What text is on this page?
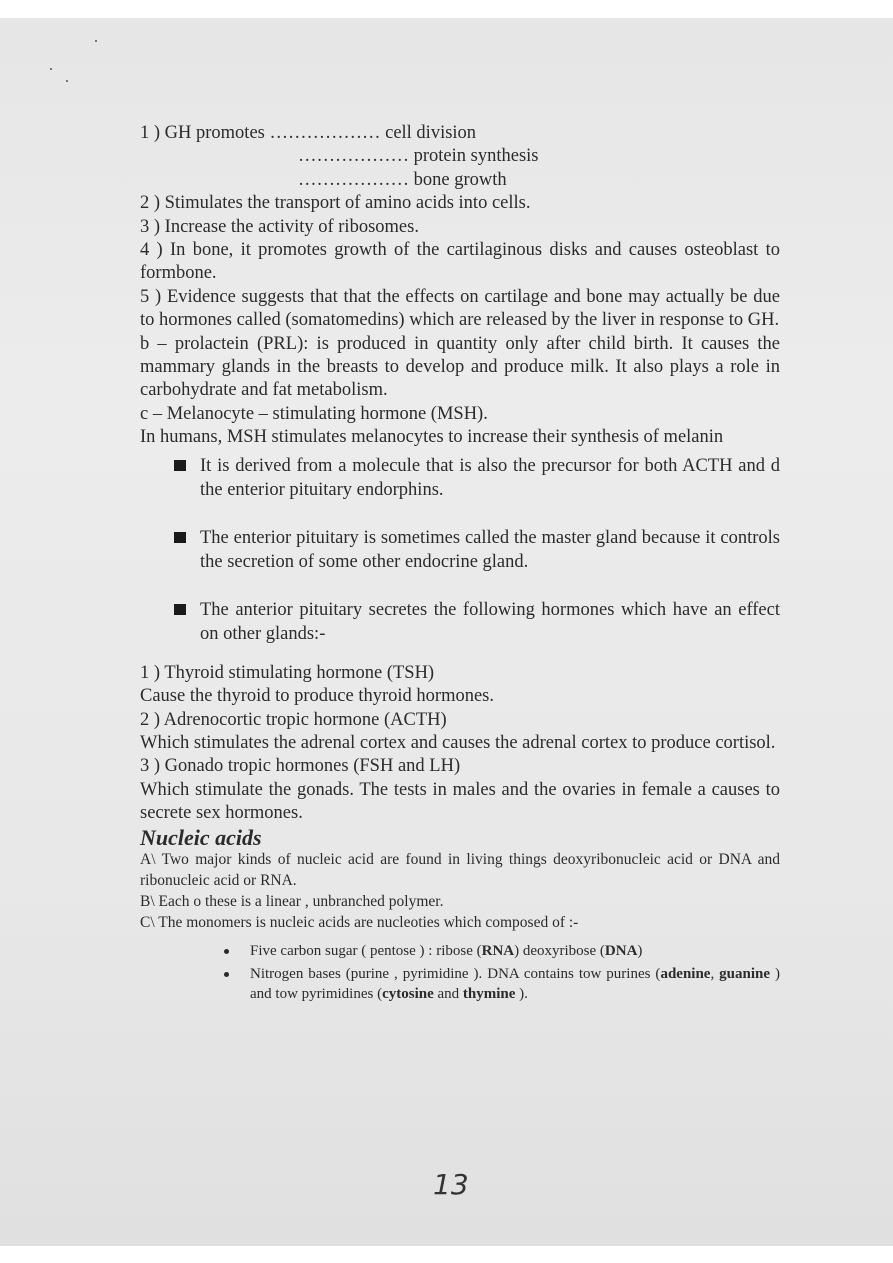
1 ) GH promotes ……………… cell division

……………… protein synthesis

……………… bone growth

2 ) Stimulates the transport of amino acids into cells.

3 ) Increase the activity of ribosomes.

4 ) In bone, it promotes growth of the cartilaginous disks and causes osteoblast to formbone.

5 ) Evidence suggests that that the effects on cartilage and bone may actually be due to hormones called (somatomedins) which are released by the liver in response to GH.

b – prolactein (PRL): is produced in quantity only after child birth. It causes the mammary glands in the breasts to develop and produce milk. It also plays a role in carbohydrate and fat metabolism.

c – Melanocyte – stimulating hormone (MSH).

In humans, MSH stimulates melanocytes to increase their synthesis of melanin

It is derived from a molecule that is also the precursor for both ACTH and d the enterior pituitary endorphins.
The enterior pituitary is sometimes called the master gland because it controls the secretion of some other endocrine gland.
The anterior pituitary secretes the following hormones which have an effect on other glands:-

1 ) Thyroid stimulating hormone (TSH)

Cause the thyroid to produce thyroid hormones.

2 ) Adrenocortic tropic hormone (ACTH)

Which stimulates the adrenal cortex and causes the adrenal cortex to produce cortisol.

3 ) Gonado tropic hormones (FSH and LH)

Which stimulate the gonads. The tests in males and the ovaries in female a causes to secrete sex hormones.

Nucleic acids

A\ Two major kinds of nucleic acid are found in living things deoxyribonucleic acid or DNA and ribonucleic acid or RNA.

B\ Each o these is a linear , unbranched polymer.

C\ The monomers is nucleic acids are nucleoties which composed of :-

Five carbon sugar ( pentose ) : ribose (RNA) deoxyribose (DNA)
Nitrogen bases (purine , pyrimidine ). DNA contains tow purines (adenine, guanine ) and tow pyrimidines (cytosine and thymine ).
13
